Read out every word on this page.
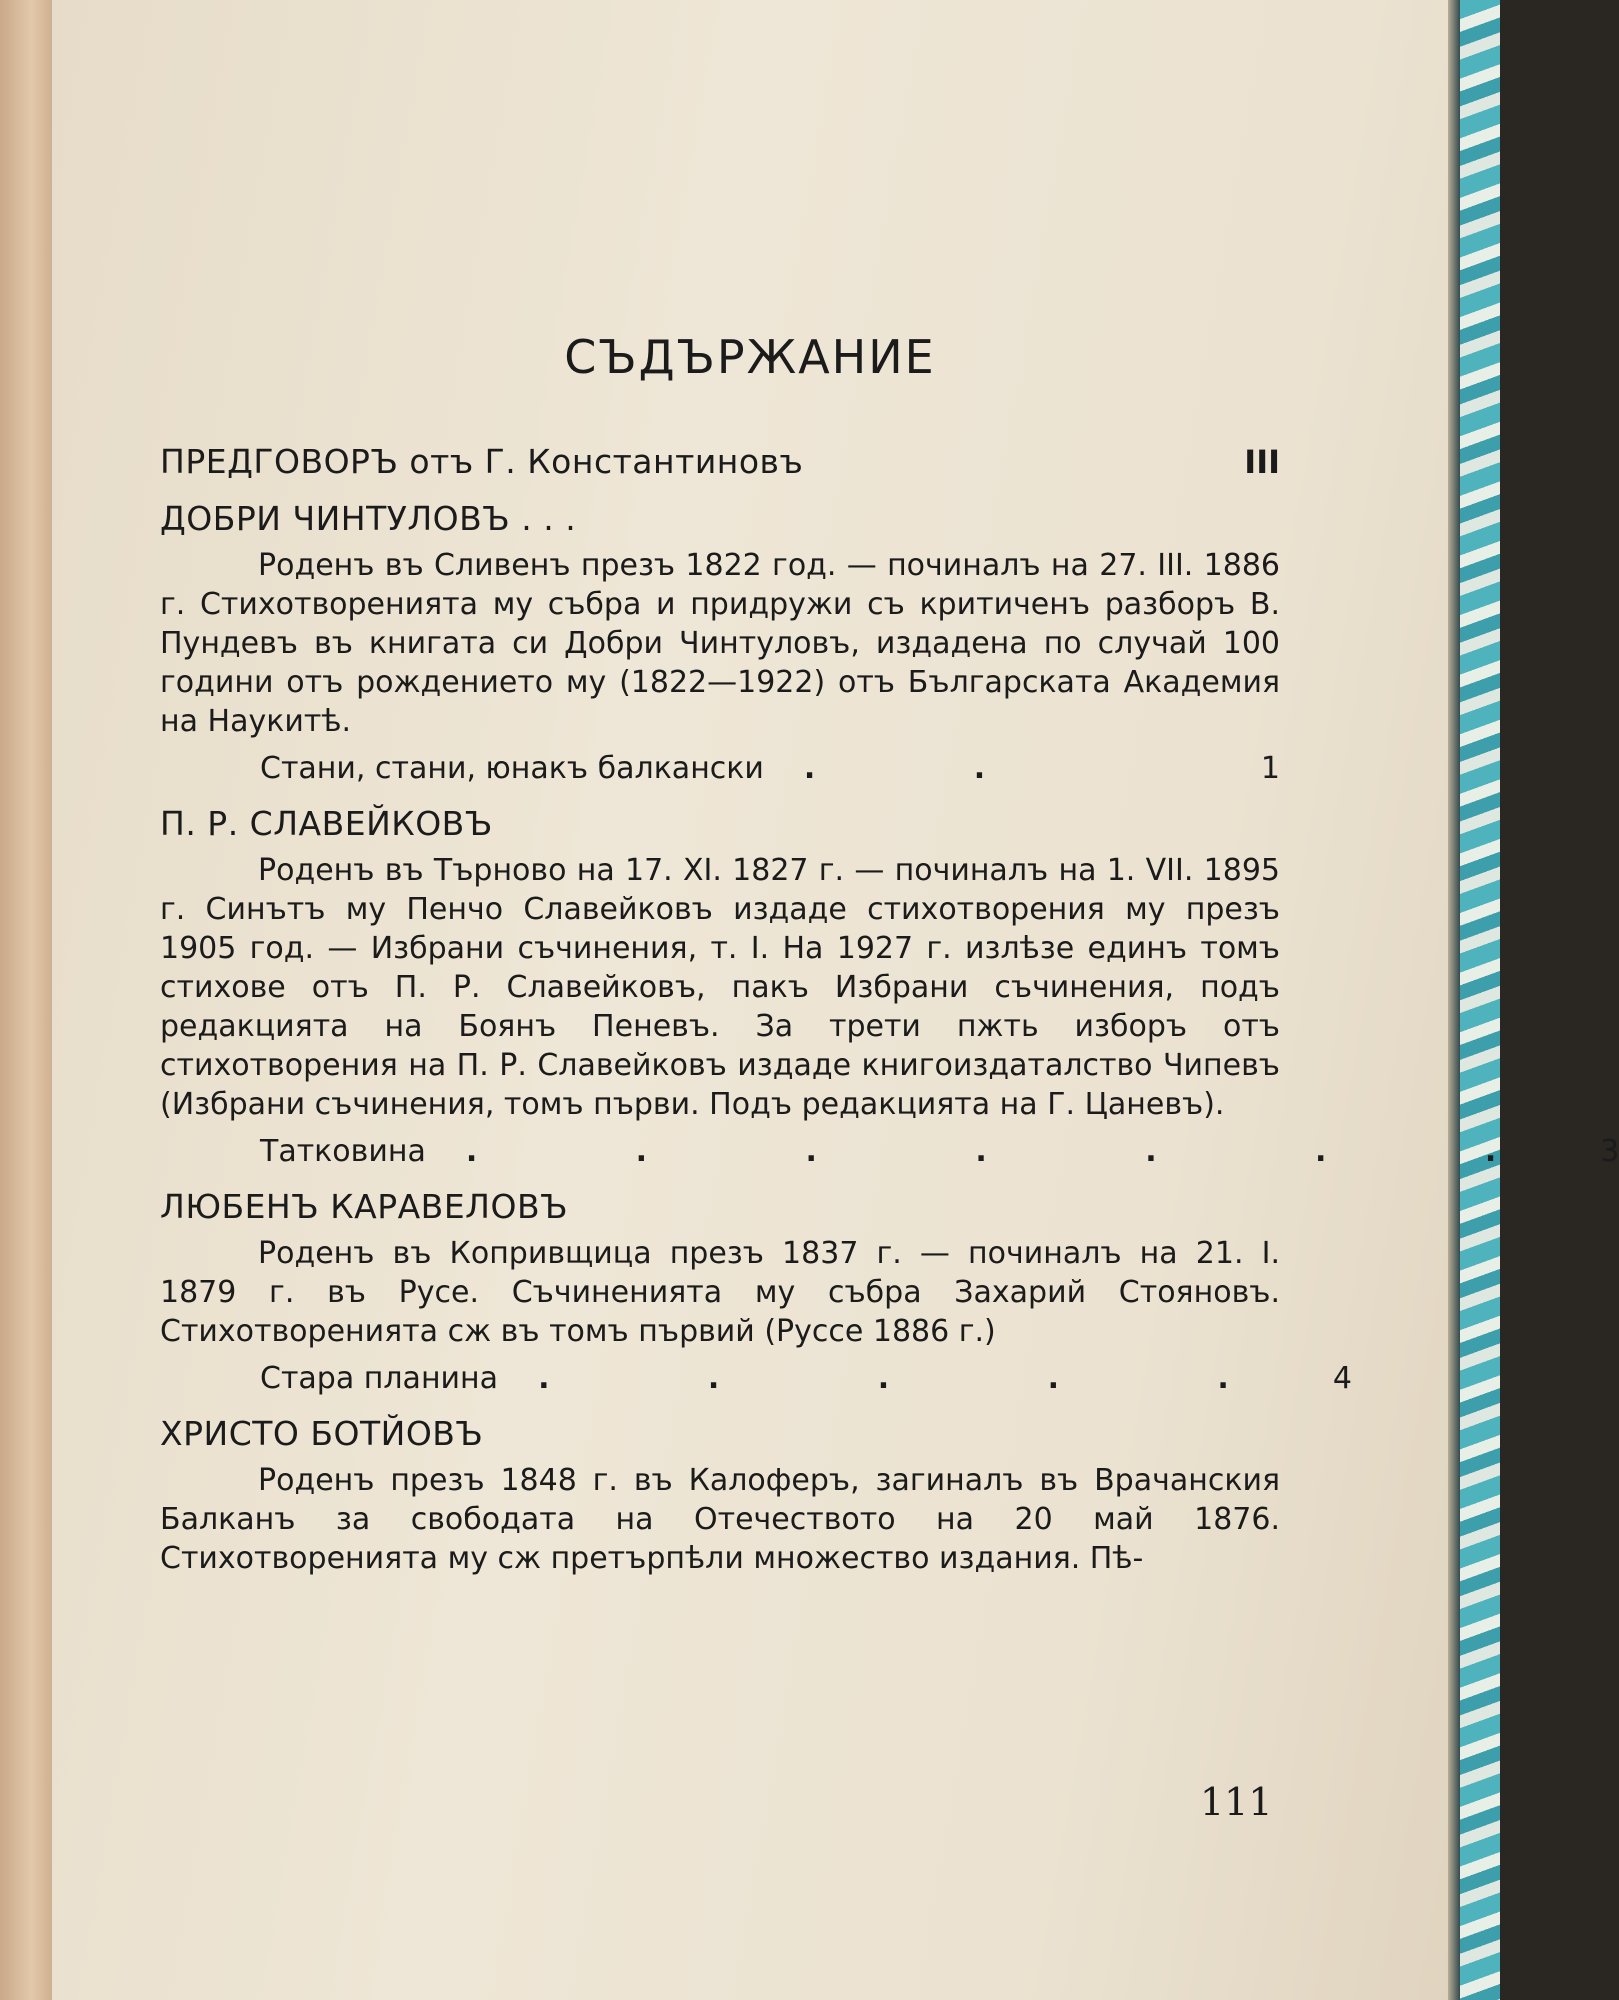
СЪДЪРЖАНИЕ
ПРЕДГОВОРЪ отъ Г. Константиновъ	III

ДОБРИ ЧИНТУЛОВЪ . . .

Роденъ въ Сливенъ презъ 1822 год. — починалъ на 27. III. 1886 г. Стихотворенията му събра и придружи съ критиченъ разборъ В. Пундевъ въ книгата си Добри Чинтуловъ, издадена по случай 100 години отъ рождението му (1822—1922) отъ Българската Академия на Наукитѣ.

Стани, стани, юнакъ балкански . .	1

П. Р. СЛАВЕЙКОВЪ

Роденъ въ Търново на 17. XI. 1827 г. — починалъ на 1. VII. 1895 г. Синътъ му Пенчо Славейковъ издаде стихотворения му презъ 1905 год. — Избрани съчинения, т. I. На 1927 г. излѣзе единъ томъ стихове отъ П. Р. Славейковъ, пакъ Избрани съчинения, подъ редакцията на Боянъ Пеневъ. За трети пжть изборъ отъ стихотворения на П. Р. Славейковъ издаде книгоиздаталство Чипевъ (Избрани съчинения, томъ първи. Подъ редакцията на Г. Цаневъ).

Татковина . . . . . . . 3

ЛЮБЕНЪ КАРАВЕЛОВЪ

Роденъ въ Копривщица презъ 1837 г. — починалъ на 21. I. 1879 г. въ Русе. Съчиненията му събра Захарий Стояновъ. Стихотворенията сж въ томъ първий (Руссе 1886 г.)

Стара планина . . . . . 4

ХРИСТО БОТЙОВЪ

Роденъ презъ 1848 г. въ Калоферъ, загиналъ въ Врачанския Балканъ за свободата на Отечеството на 20 май 1876. Стихотворенията му сж претърпѣли множество издания. Пѣ-

111
